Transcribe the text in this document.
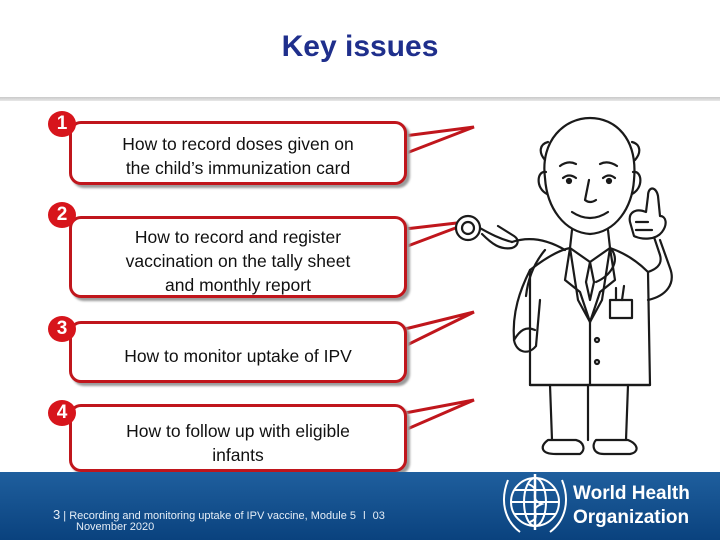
Key issues
How to record doses given on
the child’s immunization card
How to record and register
vaccination on the tally sheet
and monthly report
How to monitor uptake of IPV
How to follow up with eligible
infants
1
2
3
4
3 | Recording and monitoring uptake of IPV vaccine, Module 5 l 03
November 2020
World Health
Organization
